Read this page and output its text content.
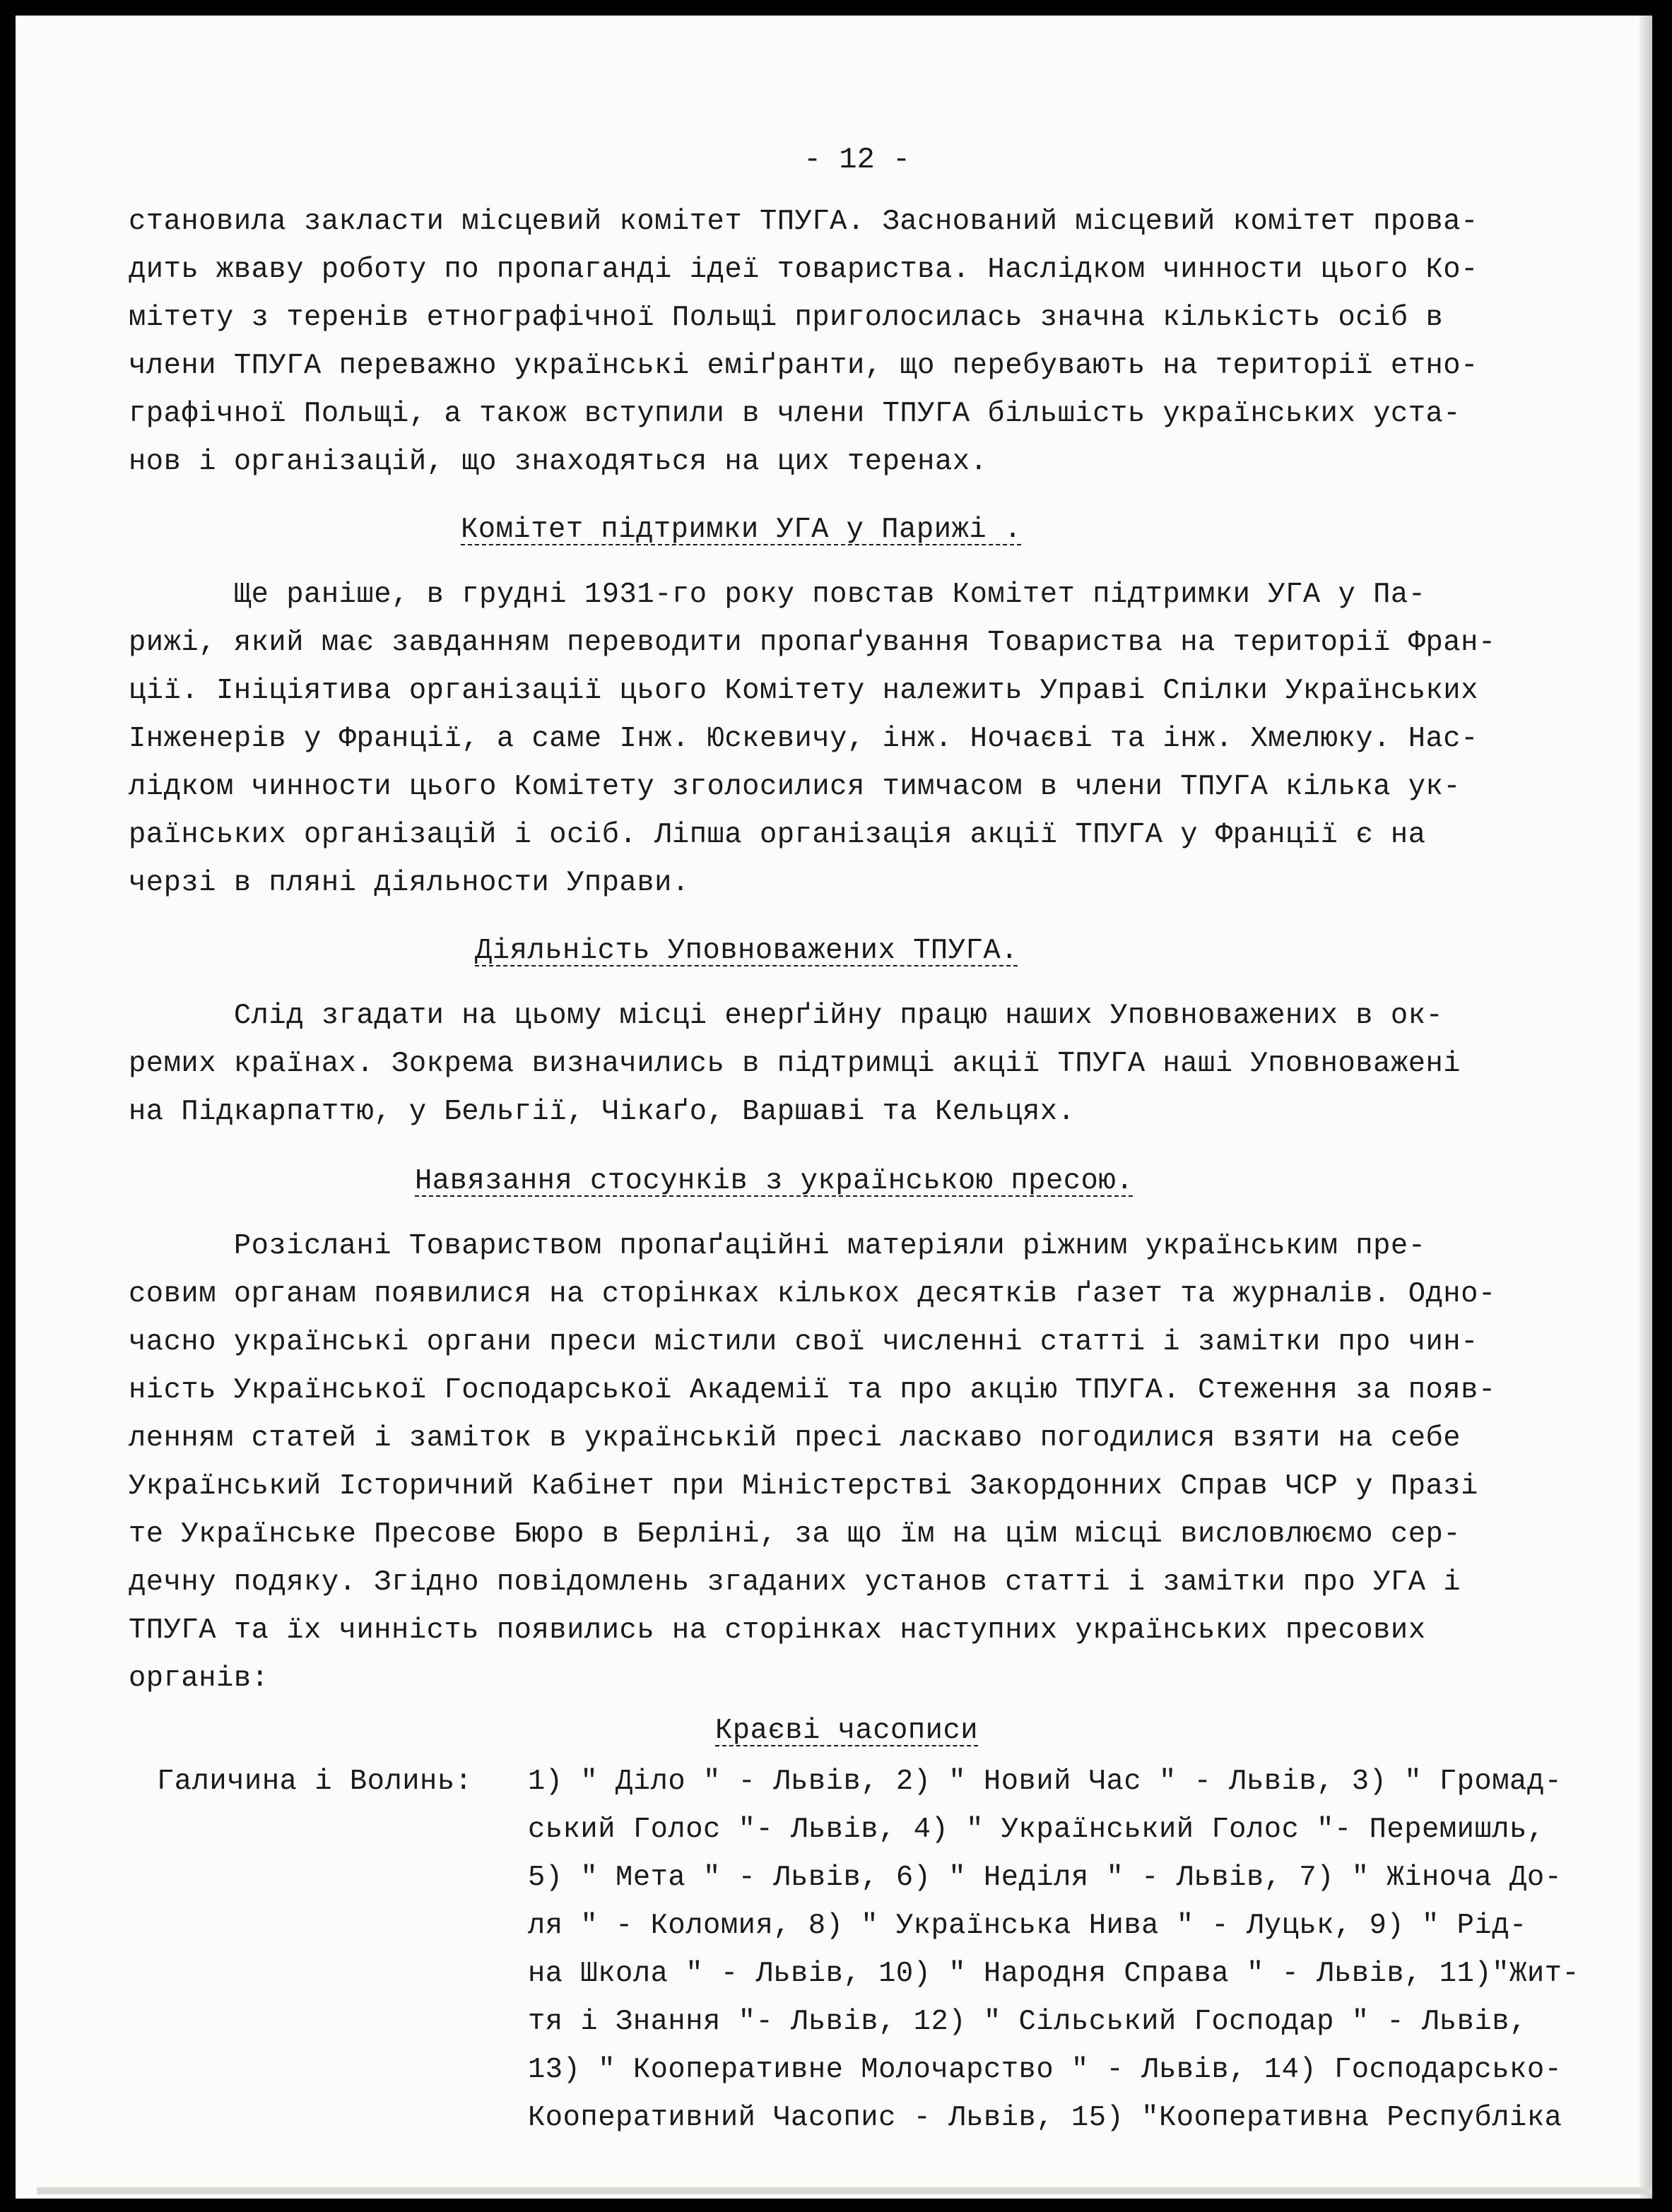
- 12 -
становила закласти місцевий комітет ТПУГА. Заснований місцевий комітет прова-
дить жваву роботу по пропаганді ідеї товариства. Наслідком чинности цього Ко-
мітету з теренів етнографічної Польщі приголосилась значна кількість осіб в
члени ТПУГА переважно українські еміґранти, що перебувають на території етно-
графічної Польщі, а також вступили в члени ТПУГА більшість українських уста-
нов і організацій, що знаходяться на цих теренах.
Комітет підтримки УГА у Парижі .
Ще раніше, в грудні 1931-го року повстав Комітет підтримки УГА у Па-
рижі, який має завданням переводити пропаґування Товариства на території Фран-
ції. Ініціятива організації цього Комітету належить Управі Спілки Українських
Інженерів у Франції, а саме Інж. Юскевичу, інж. Ночаєві та інж. Хмелюку. Нас-
лідком чинности цього Комітету зголосилися тимчасом в члени ТПУГА кілька ук-
раїнських організацій і осіб. Ліпша організація акції ТПУГА у Франції є на
черзі в пляні діяльности Управи.
Діяльність Уповноважених ТПУГА.
Слід згадати на цьому місці енерґійну працю наших Уповноважених в ок-
ремих країнах. Зокрема визначились в підтримці акції ТПУГА наші Уповноважені
на Підкарпаттю, у Бельгії, Чікаґо, Варшаві та Кельцях.
Навязання стосунків з українською пресою.
Розіслані Товариством пропаґаційні матеріяли ріжним українським пре-
совим органам появилися на сторінках кількох десятків ґазет та журналів. Одно-
часно українські органи преси містили свої численні статті і замітки про чин-
ність Української Господарської Академії та про акцію ТПУГА. Стеження за появ-
ленням статей і заміток в українській пресі ласкаво погодилися взяти на себе
Український Історичний Кабінет при Міністерстві Закордонних Справ ЧСР у Празі
те Українське Пресове Бюро в Берліні, за що їм на цім місці висловлюємо сер-
дечну подяку. Згідно повідомлень згаданих установ статті і замітки про УГА і
ТПУГА та їх чинність появились на сторінках наступних українських пресових
органів:
Краєві часописи
Галичина і Волинь: 1) " Діло " - Львів, 2) " Новий Час " - Львів, 3) " Громад-
ський Голос "- Львів, 4) " Український Голос "- Перемишль,
5) " Мета " - Львів, 6) " Неділя " - Львів, 7) " Жіноча До-
ля " - Коломия, 8) " Українська Нива " - Луцьк, 9) " Рід-
на Школа " - Львів, 10) " Народня Справа " - Львів, 11)"Жит-
тя і Знання "- Львів, 12) " Сільський Господар " - Львів,
13) " Кооперативне Молочарство " - Львів, 14) Господарсько-
Кооперативний Часопис - Львів, 15) "Кооперативна Республіка
